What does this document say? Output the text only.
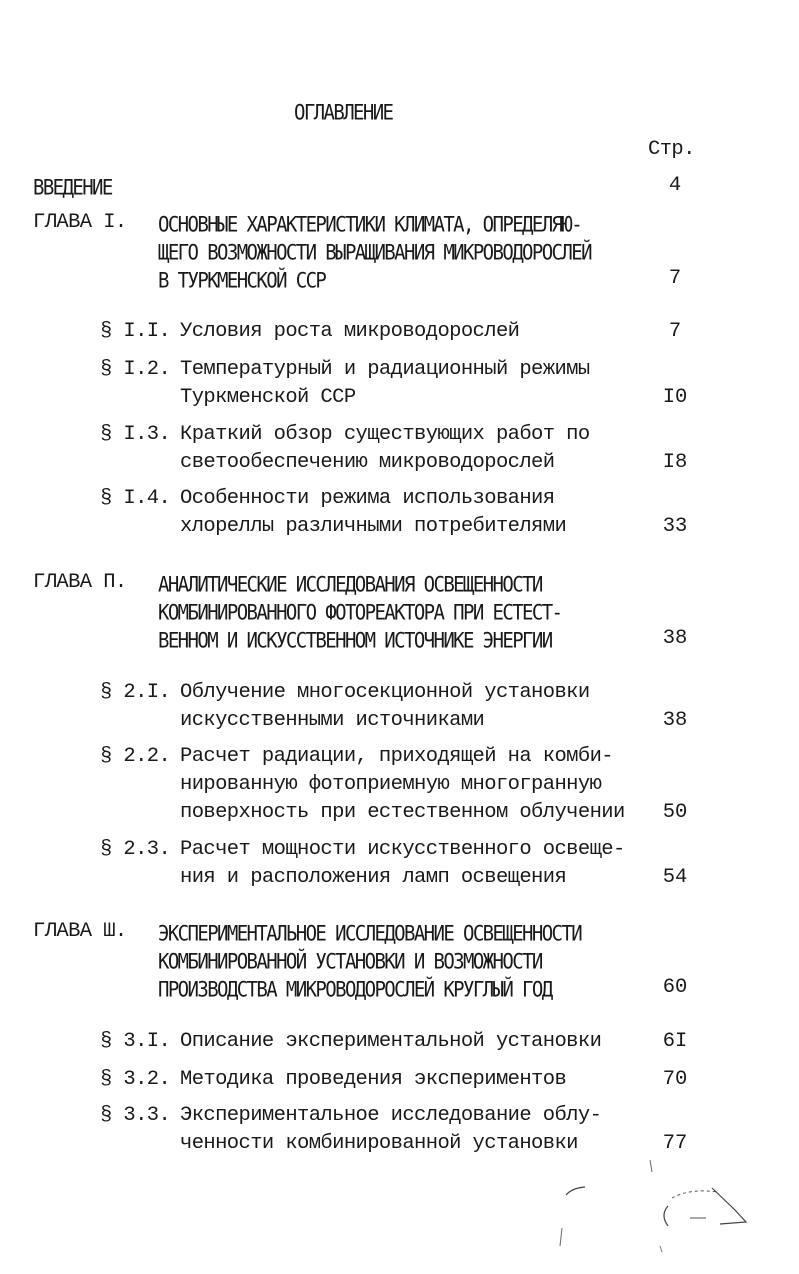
ОГЛАВЛЕНИЕ
Стр.
ВВЕДЕНИЕ	4
ГЛАВА I. ОСНОВНЫЕ ХАРАКТЕРИСТИКИ КЛИМАТА, ОПРЕДЕЛЯЮ-
ЩЕГО ВОЗМОЖНОСТИ ВЫРАЩИВАНИЯ МИКРОВОДОРОСЛЕЙ
В ТУРКМЕНСКОЙ ССР	7
§ I.I. Условия роста микроводорослей	7
§ I.2. Температурный и радиационный режимы
Туркменской ССР	I0
§ I.3. Краткий обзор существующих работ по
светообеспечению микроводорослей	I8
§ I.4. Особенности режима использования
хлореллы различными потребителями	33
ГЛАВА П. АНАЛИТИЧЕСКИЕ ИССЛЕДОВАНИЯ ОСВЕЩЕННОСТИ
КОМБИНИРОВАННОГО ФОТОРЕАКТОРА ПРИ ЕСТЕСТ-
ВЕННОМ И ИСКУССТВЕННОМ ИСТОЧНИКЕ ЭНЕРГИИ	38
§ 2.I. Облучение многосекционной установки
искусственными источниками	38
§ 2.2. Расчет радиации, приходящей на комби-
нированную фотоприемную многогранную
поверхность при естественном облучении	50
§ 2.3. Расчет мощности искусственного освеще-
ния и расположения ламп освещения	54
ГЛАВА Ш. ЭКСПЕРИМЕНТАЛЬНОЕ ИССЛЕДОВАНИЕ ОСВЕЩЕННОСТИ
КОМБИНИРОВАННОЙ УСТАНОВКИ И ВОЗМОЖНОСТИ
ПРОИЗВОДСТВА МИКРОВОДОРОСЛЕЙ КРУГЛЫЙ ГОД	60
§ 3.I. Описание экспериментальной установки	6I
§ 3.2. Методика проведения экспериментов	70
§ 3.3. Экспериментальное исследование облу-
ченности комбинированной установки	77
